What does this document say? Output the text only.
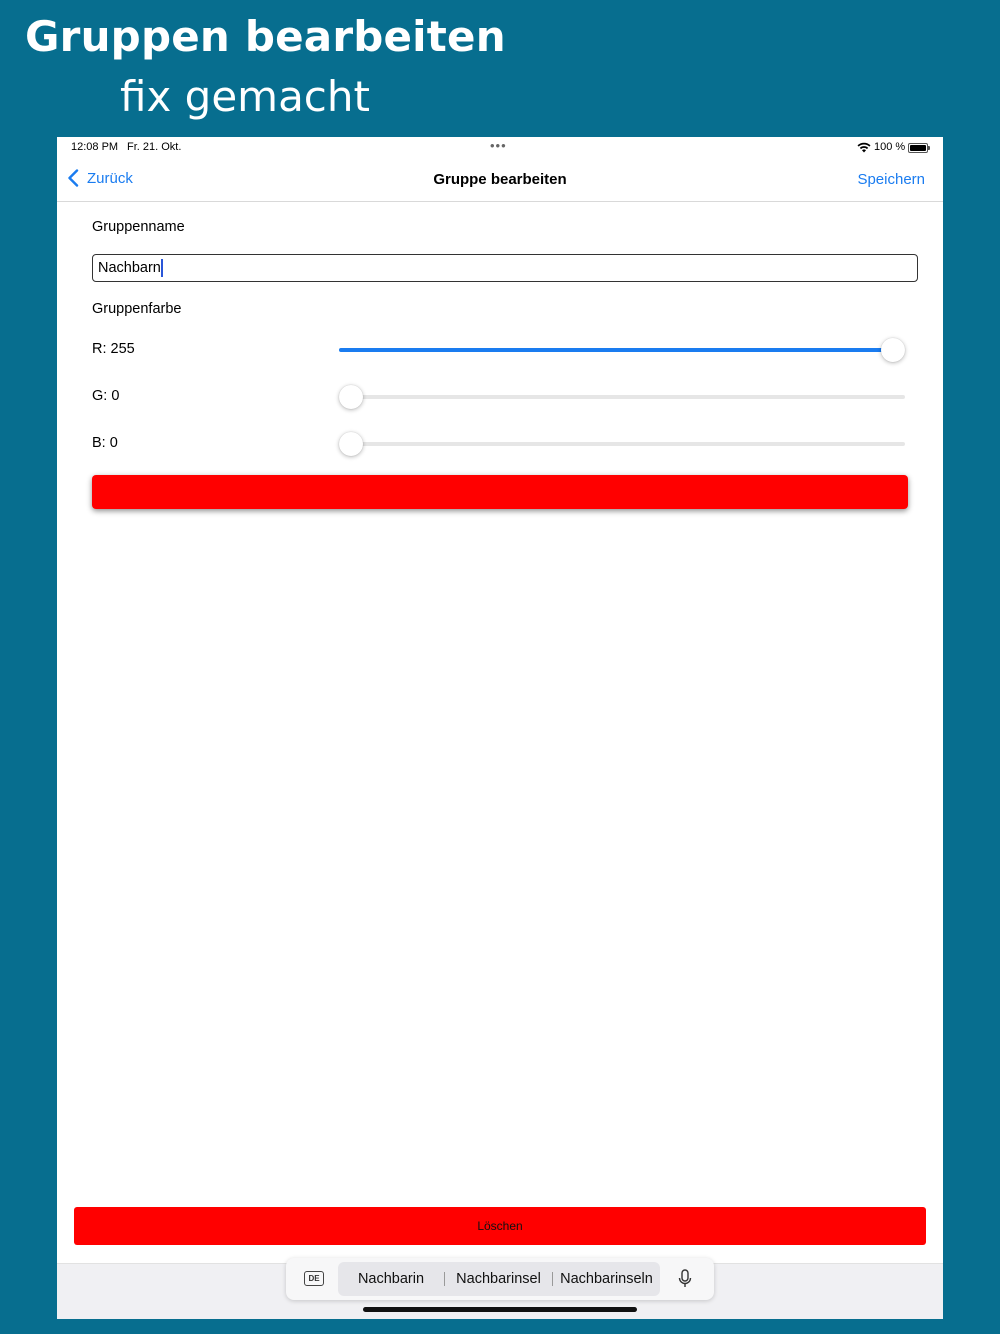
Gruppen bearbeiten
fix gemacht
12:08 PM Fr. 21. Okt.	•••	100 %
Zurück	Gruppe bearbeiten	Speichern
Gruppenname
Nachbarn
Gruppenfarbe
R: 255
G: 0
B: 0
Löschen
DE	Nachbarin	Nachbarinsel	Nachbarinseln
